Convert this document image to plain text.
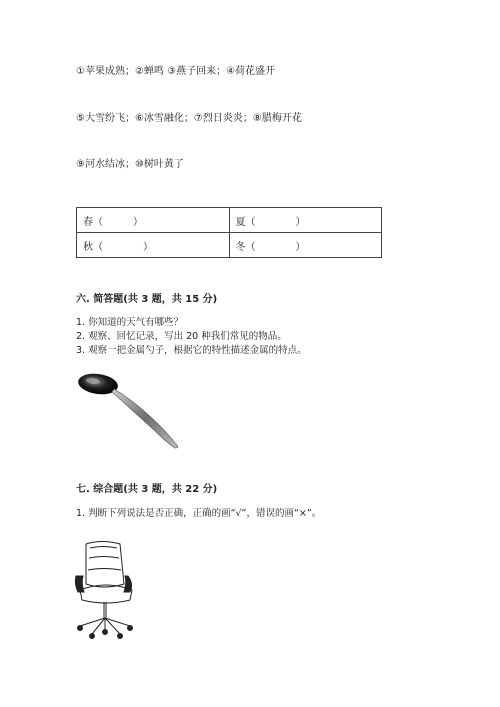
①苹果成熟；②蝉鸣 ③燕子回来；④荷花盛开
⑤大雪纷飞；⑥冰雪融化；⑦烈日炎炎；⑧腊梅开花
⑨河水结冰；⑩树叶黄了
春（　　　）	夏（　　　　）
秋（　　　　）	冬（　　　　）
六. 简答题(共 3 题，共 15 分)
1. 你知道的天气有哪些？
2. 观察、回忆记录，写出 20 种我们常见的物品。
3. 观察一把金属勺子，根据它的特性描述金属的特点。
七. 综合题(共 3 题，共 22 分)
1. 判断下列说法是否正确，正确的画“√”，错误的画“×”。
